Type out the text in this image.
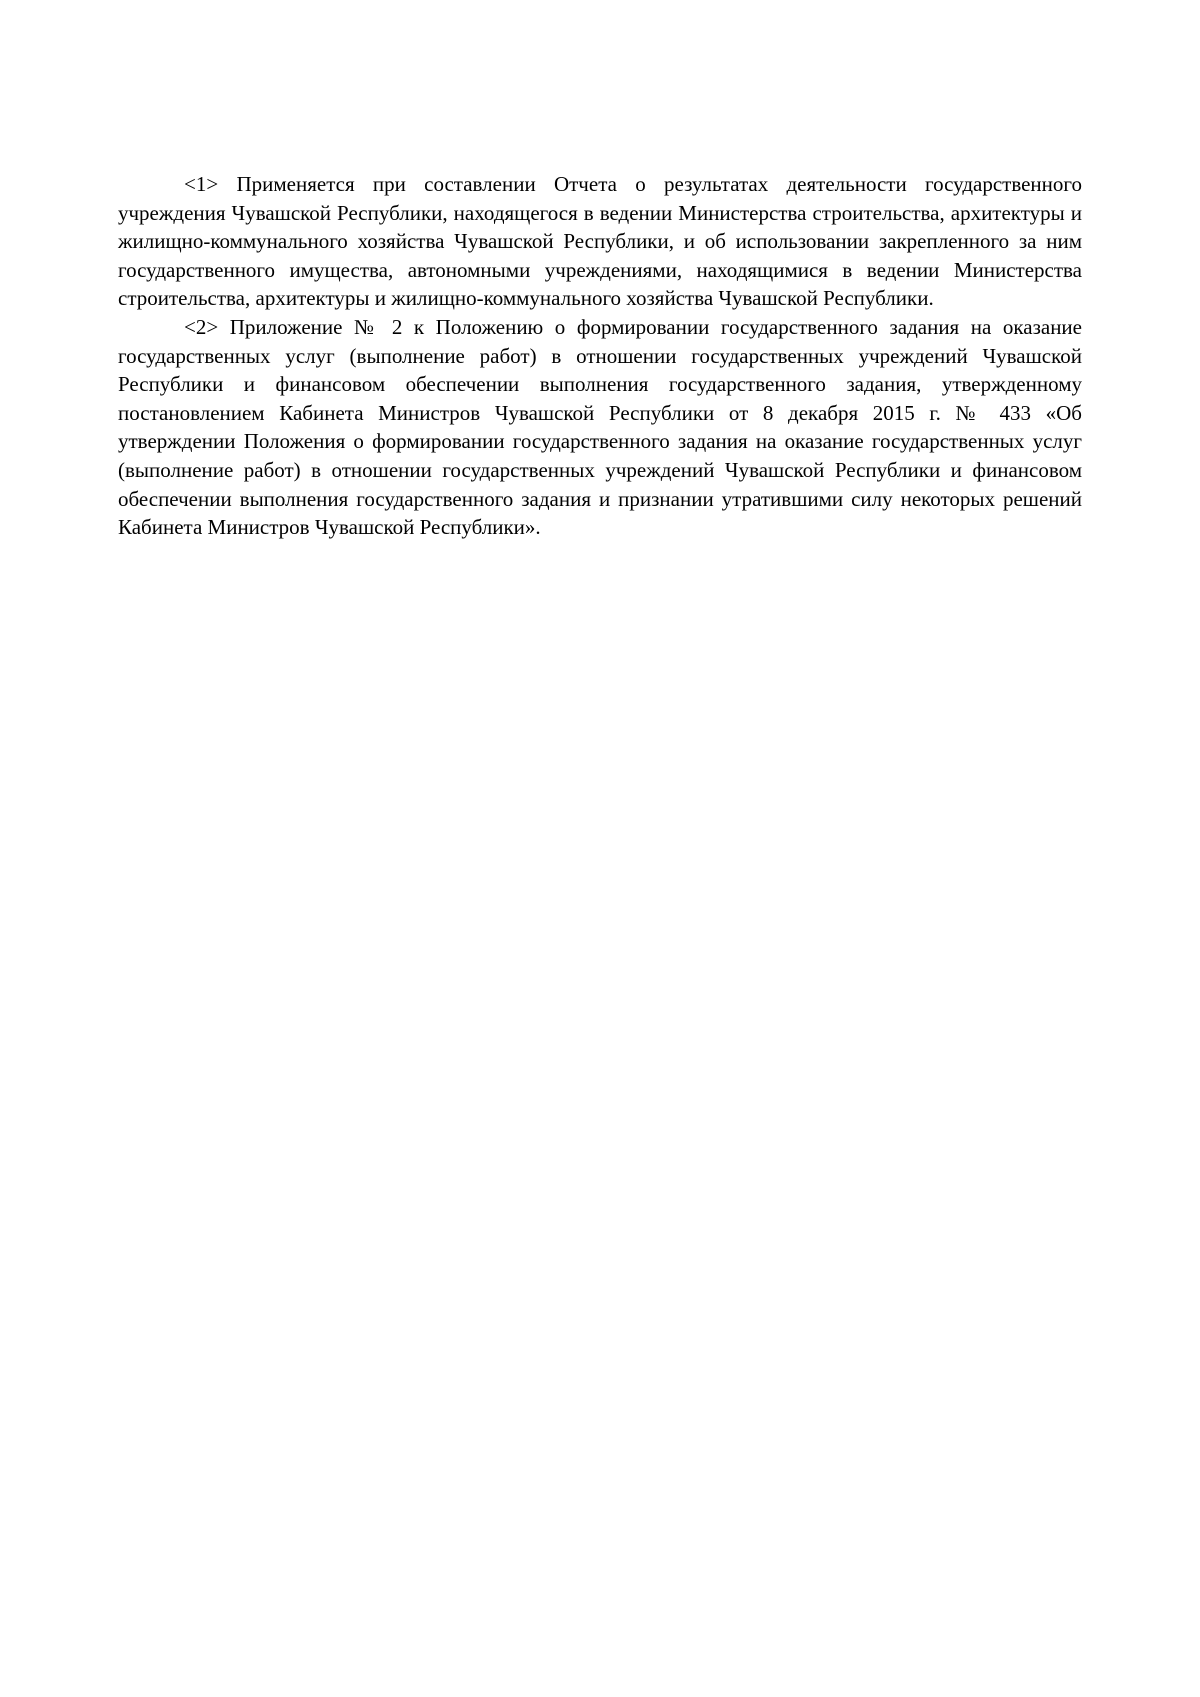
<1> Применяется при составлении Отчета о результатах деятельности государственного учреждения Чувашской Республики, находящегося в ведении Министерства строительства, архитектуры и жилищно-коммунального хозяйства Чувашской Республики, и об использовании закрепленного за ним государственного имущества, автономными учреждениями, находящимися в ведении Министерства строительства, архитектуры и жилищно-коммунального хозяйства Чувашской Республики.

<2> Приложение № 2 к Положению о формировании государственного задания на оказание государственных услуг (выполнение работ) в отношении государственных учреждений Чувашской Республики и финансовом обеспечении выполнения государственного задания, утвержденному постановлением Кабинета Министров Чувашской Республики от 8 декабря 2015 г. № 433 «Об утверждении Положения о формировании государственного задания на оказание государственных услуг (выполнение работ) в отношении государственных учреждений Чувашской Республики и финансовом обеспечении выполнения государственного задания и признании утратившими силу некоторых решений Кабинета Министров Чувашской Республики».
